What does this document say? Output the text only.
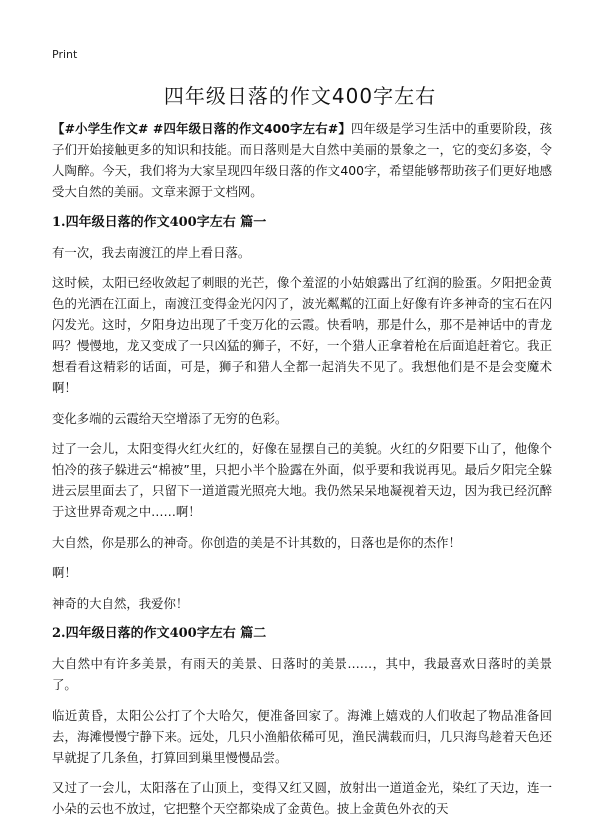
Print
四年级日落的作文400字左右

【#小学生作文# #四年级日落的作文400字左右#】四年级是学习生活中的重要阶段，孩子们开始接触更多的知识和技能。而日落则是大自然中美丽的景象之一，它的变幻多姿，令人陶醉。今天，我们将为大家呈现四年级日落的作文400字，希望能够帮助孩子们更好地感受大自然的美丽。文章来源于文档网。

1.四年级日落的作文400字左右 篇一

有一次，我去南渡江的岸上看日落。

这时候，太阳已经收敛起了刺眼的光芒，像个羞涩的小姑娘露出了红润的脸蛋。夕阳把金黄色的光洒在江面上，南渡江变得金光闪闪了，波光粼粼的江面上好像有许多神奇的宝石在闪闪发光。这时，夕阳身边出现了千变万化的云霞。快看呐，那是什么，那不是神话中的青龙吗？慢慢地，龙又变成了一只凶猛的狮子，不好，一个猎人正拿着枪在后面追赶着它。我正想看看这精彩的话面，可是，狮子和猎人全都一起消失不见了。我想他们是不是会变魔术啊！

变化多端的云霞给天空增添了无穷的色彩。

过了一会儿，太阳变得火红火红的，好像在显摆自己的美貌。火红的夕阳要下山了，他像个怕冷的孩子躲进云“棉被”里，只把小半个脸露在外面，似乎要和我说再见。最后夕阳完全躲进云层里面去了，只留下一道道霞光照亮大地。我仍然呆呆地凝视着天边，因为我已经沉醉于这世界奇观之中……啊！

大自然，你是那么的神奇。你创造的美是不计其数的，日落也是你的杰作！

啊！

神奇的大自然，我爱你！

2.四年级日落的作文400字左右 篇二

大自然中有许多美景，有雨天的美景、日落时的美景……，其中，我最喜欢日落时的美景了。

临近黄昏，太阳公公打了个大哈欠，便准备回家了。海滩上嬉戏的人们收起了物品准备回去，海滩慢慢宁静下来。远处，几只小渔船依稀可见，渔民满载而归，几只海鸟趁着天色还早就捉了几条鱼，打算回到巢里慢慢品尝。

又过了一会儿，太阳落在了山顶上，变得又红又圆，放射出一道道金光，染红了天边，连一小朵的云也不放过，它把整个天空都染成了金黄色。披上金黄色外衣的天
